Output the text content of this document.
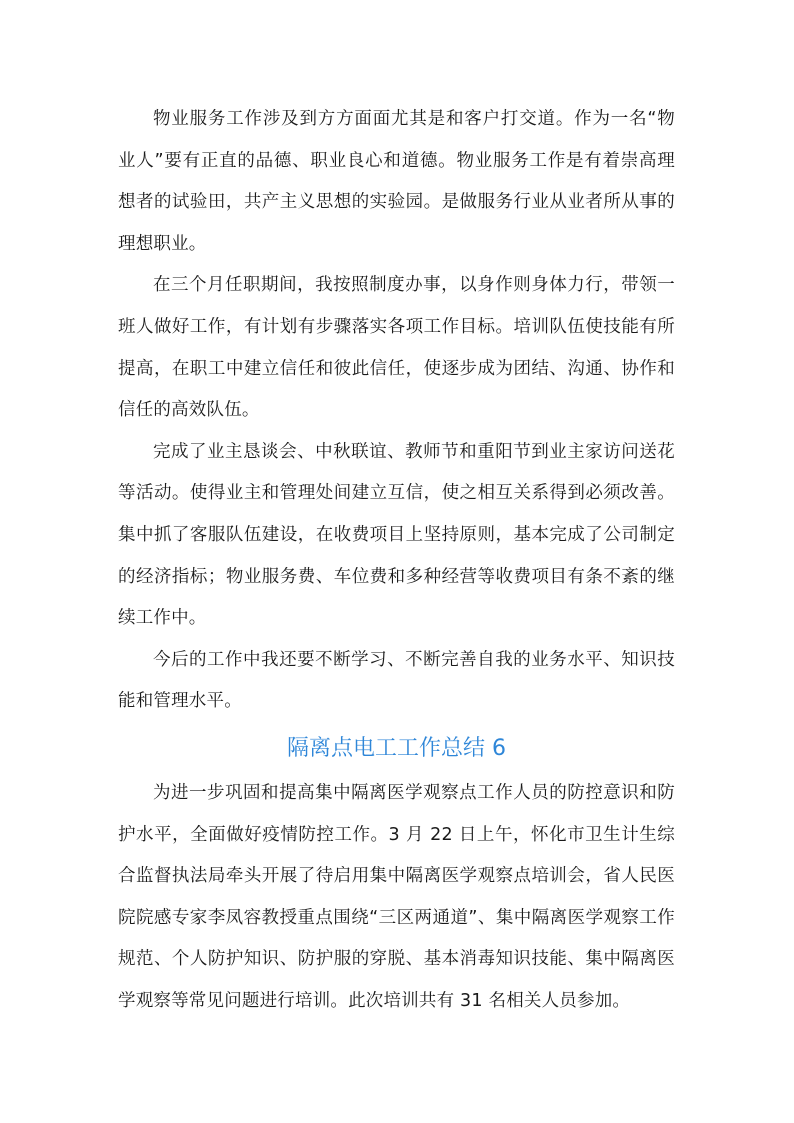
物业服务工作涉及到方方面面尤其是和客户打交道。作为一名“物业人”要有正直的品德、职业良心和道德。物业服务工作是有着崇高理想者的试验田，共产主义思想的实验园。是做服务行业从业者所从事的理想职业。

在三个月任职期间，我按照制度办事，以身作则身体力行，带领一班人做好工作，有计划有步骤落实各项工作目标。培训队伍使技能有所提高，在职工中建立信任和彼此信任，使逐步成为团结、沟通、协作和信任的高效队伍。

完成了业主恳谈会、中秋联谊、教师节和重阳节到业主家访问送花等活动。使得业主和管理处间建立互信，使之相互关系得到必须改善。集中抓了客服队伍建设，在收费项目上坚持原则，基本完成了公司制定的经济指标；物业服务费、车位费和多种经营等收费项目有条不紊的继续工作中。

今后的工作中我还要不断学习、不断完善自我的业务水平、知识技能和管理水平。

隔离点电工工作总结 6

为进一步巩固和提高集中隔离医学观察点工作人员的防控意识和防护水平，全面做好疫情防控工作。3 月 22 日上午，怀化市卫生计生综合监督执法局牵头开展了待启用集中隔离医学观察点培训会，省人民医院院感专家李凤容教授重点围绕“三区两通道”、集中隔离医学观察工作规范、个人防护知识、防护服的穿脱、基本消毒知识技能、集中隔离医学观察等常见问题进行培训。此次培训共有 31 名相关人员参加。
